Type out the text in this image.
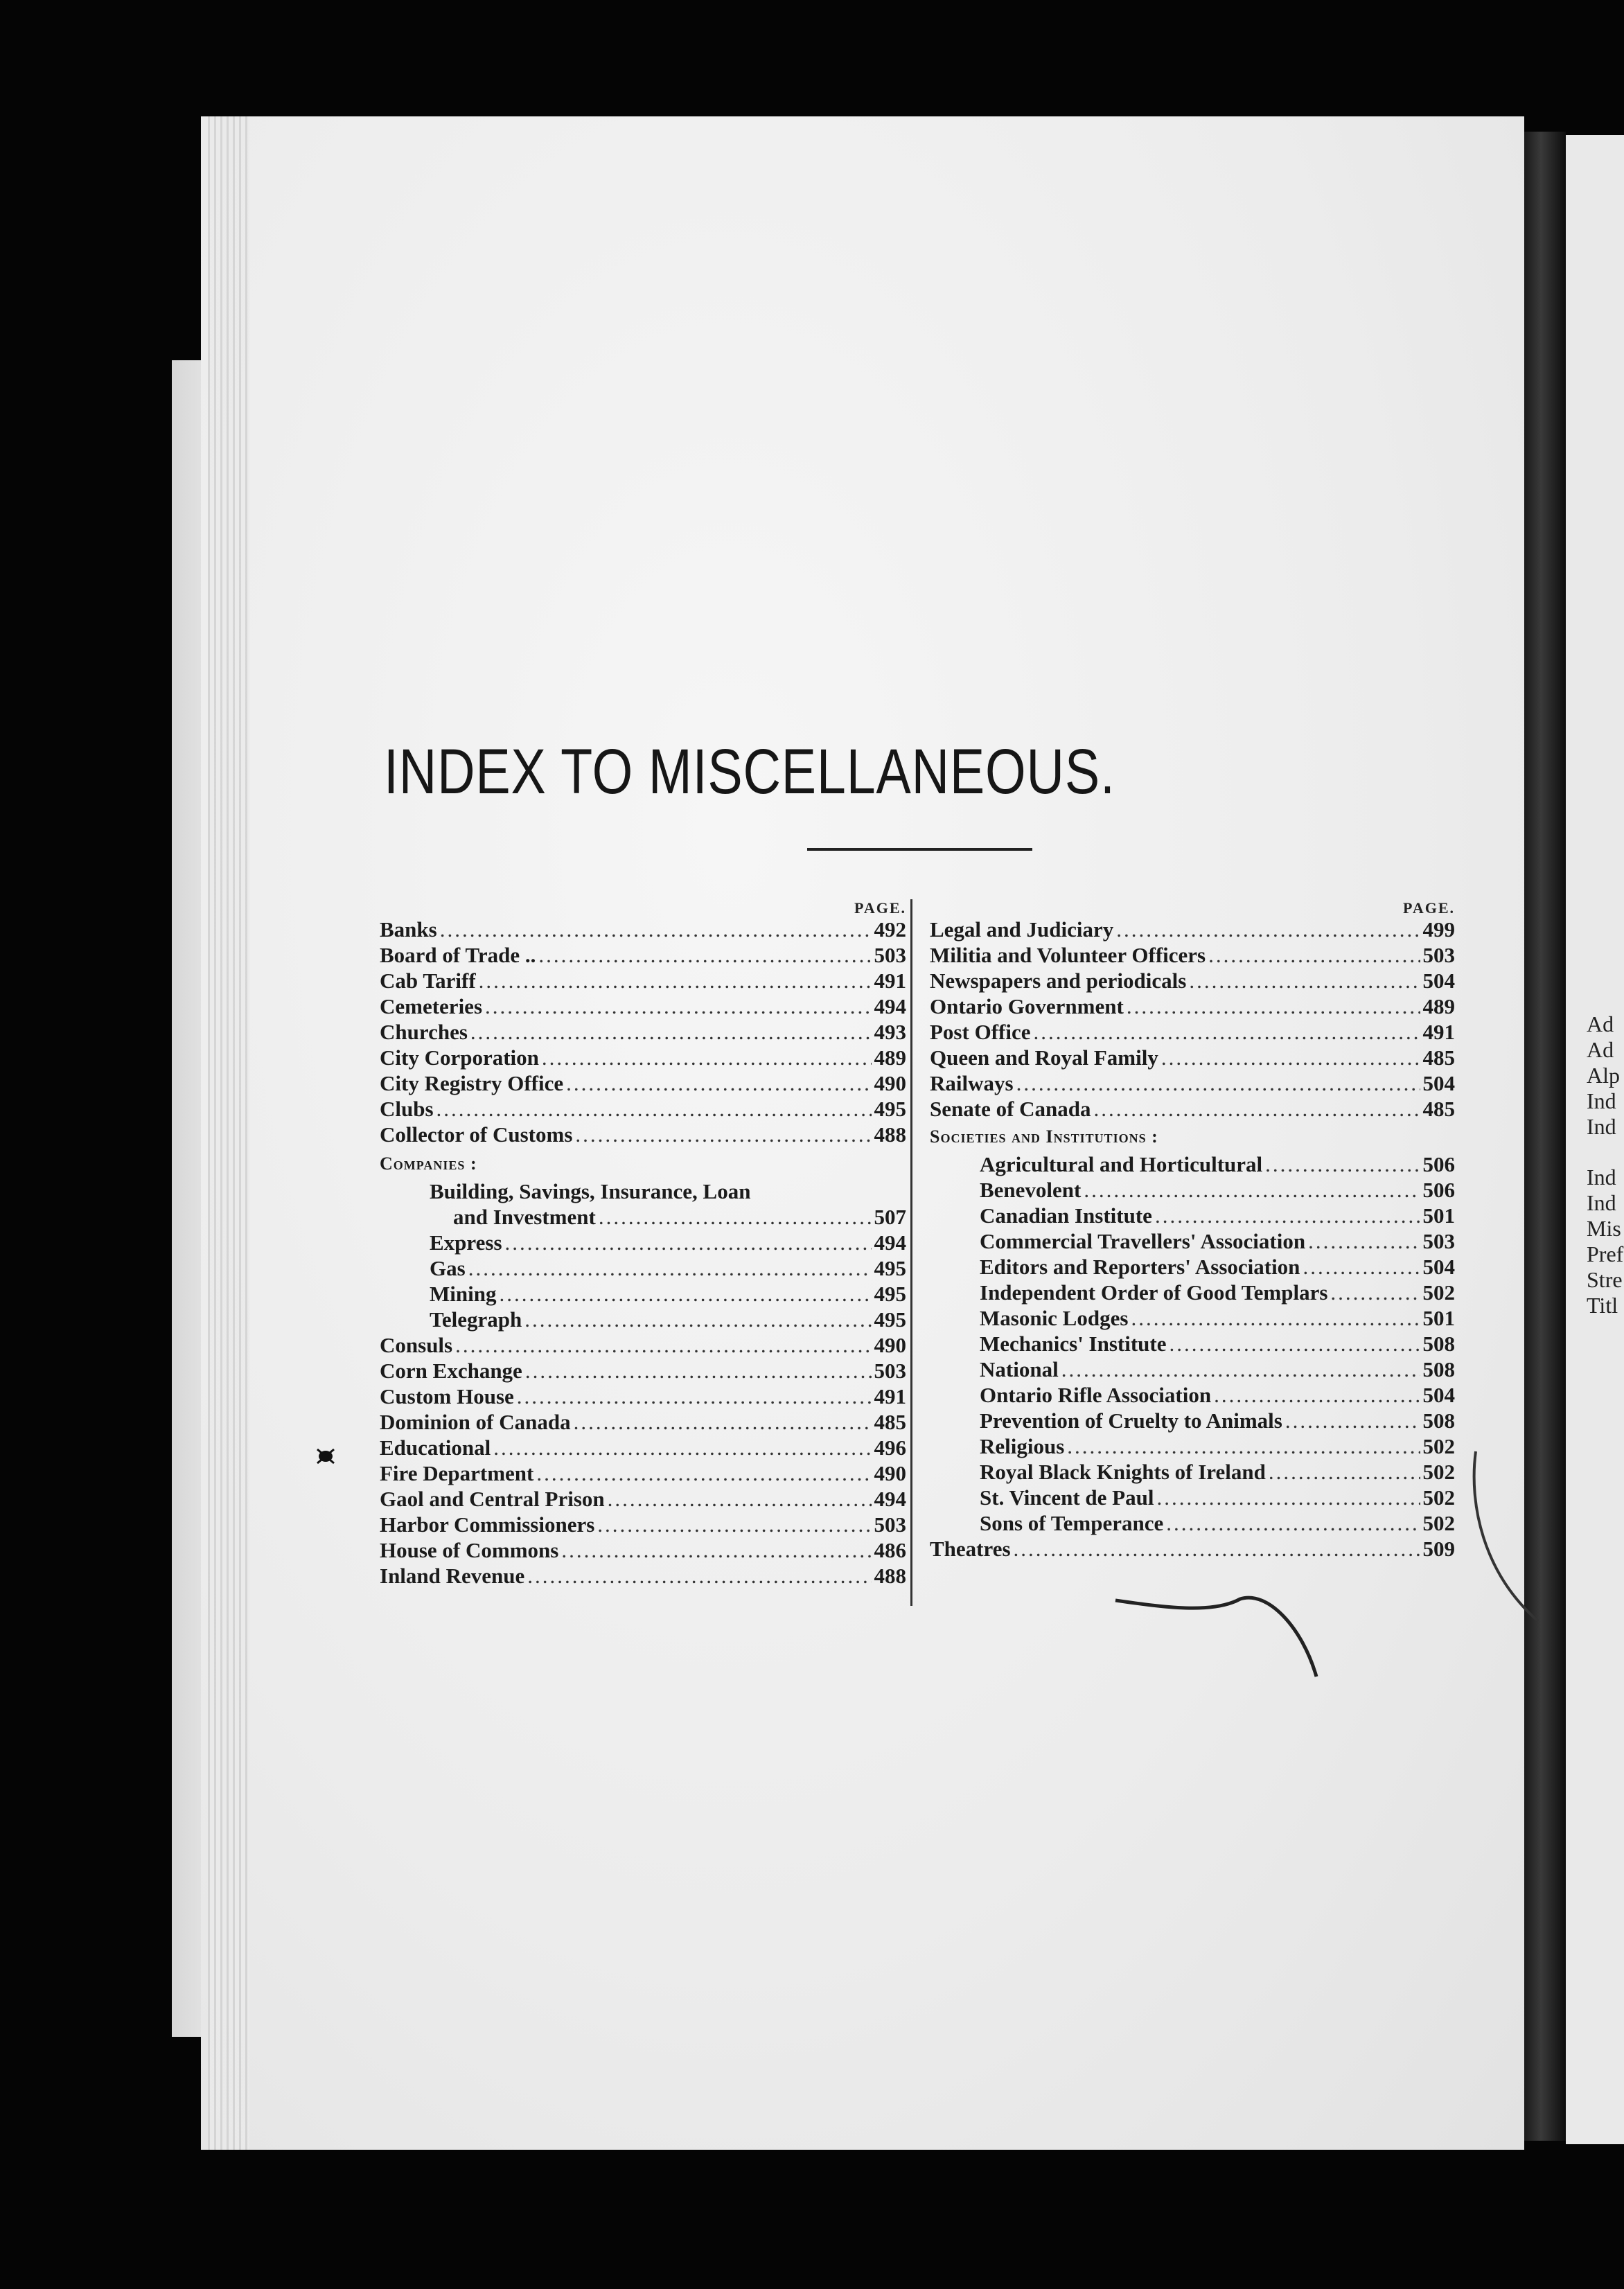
Ad
Ad
Alp
Ind
Ind
Ind
Ind
Mis
Pref
Stre
Titl
INDEX TO MISCELLANEOUS.
PAGE.
Banks .....	492
Board of Trade .. .....	503
Cab Tariff .....	491
Cemeteries .....	494
Churches .....	493
City Corporation .....	489
City Registry Office .....	490
Clubs .....	495
Collector of Customs .....	488
Companies :
Building, Savings, Insurance, Loan
and Investment .....	507
Express .....	494
Gas .....	495
Mining .....	495
Telegraph .....	495
Consuls .....	490
Corn Exchange .....	503
Custom House .....	491
Dominion of Canada .....	485
Educational .....	496
Fire Department .....	490
Gaol and Central Prison .....	494
Harbor Commissioners .....	503
House of Commons .....	486
Inland Revenue .....	488
PAGE.
Legal and Judiciary .....	499
Militia and Volunteer Officers .....	503
Newspapers and periodicals .....	504
Ontario Government .....	489
Post Office .....	491
Queen and Royal Family .....	485
Railways .....	504
Senate of Canada .....	485
Societies and Institutions :
Agricultural and Horticultural .....	506
Benevolent .....	506
Canadian Institute .....	501
Commercial Travellers' Association .....	503
Editors and Reporters' Association .....	504
Independent Order of Good Templars .....	502
Masonic Lodges .....	501
Mechanics' Institute .....	508
National .....	508
Ontario Rifle Association .....	504
Prevention of Cruelty to Animals .....	508
Religious .....	502
Royal Black Knights of Ireland .....	502
St. Vincent de Paul .....	502
Sons of Temperance .....	502
Theatres .....	509
